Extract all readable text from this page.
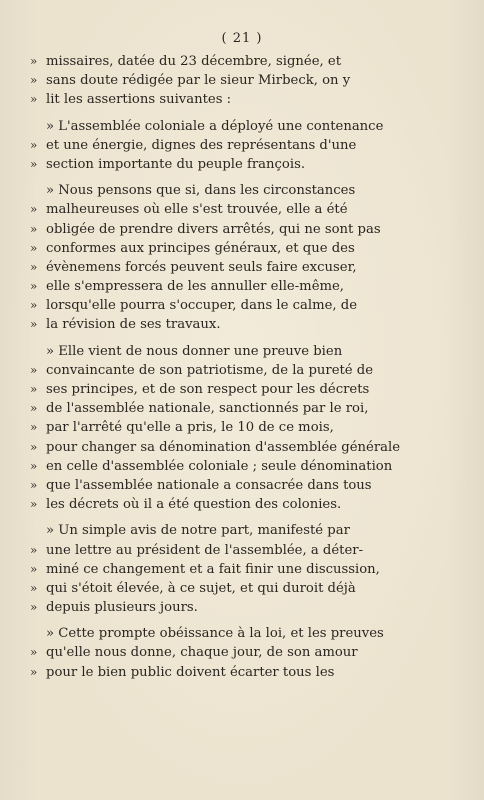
( 21 )
» missaires, datée du 23 décembre, signée, et
» sans doute rédigée par le sieur Mirbeck, on y
» lit les assertions suivantes :
» L'assemblée coloniale a déployé une contenance
» et une énergie, dignes des représentans d'une
» section importante du peuple françois.
» Nous pensons que si, dans les circonstances
» malheureuses où elle s'est trouvée, elle a été
» obligée de prendre divers arrêtés, qui ne sont pas
» conformes aux principes généraux, et que des
» évènemens forcés peuvent seuls faire excuser,
» elle s'empressera de les annuller elle-même,
» lorsqu'elle pourra s'occuper, dans le calme, de
» la révision de ses travaux.
» Elle vient de nous donner une preuve bien
» convaincante de son patriotisme, de la pureté de
» ses principes, et de son respect pour les décrets
» de l'assemblée nationale, sanctionnés par le roi,
» par l'arrêté qu'elle a pris, le 10 de ce mois,
» pour changer sa dénomination d'assemblée générale
» en celle d'assemblée coloniale ; seule dénomination
» que l'assemblée nationale a consacrée dans tous
» les décrets où il a été question des colonies.
» Un simple avis de notre part, manifesté par
» une lettre au président de l'assemblée, a déter-
» miné ce changement et a fait finir une discussion,
» qui s'étoit élevée, à ce sujet, et qui duroit déjà
» depuis plusieurs jours.
» Cette prompte obéissance à la loi, et les preuves
» qu'elle nous donne, chaque jour, de son amour
» pour le bien public doivent écarter tous les
